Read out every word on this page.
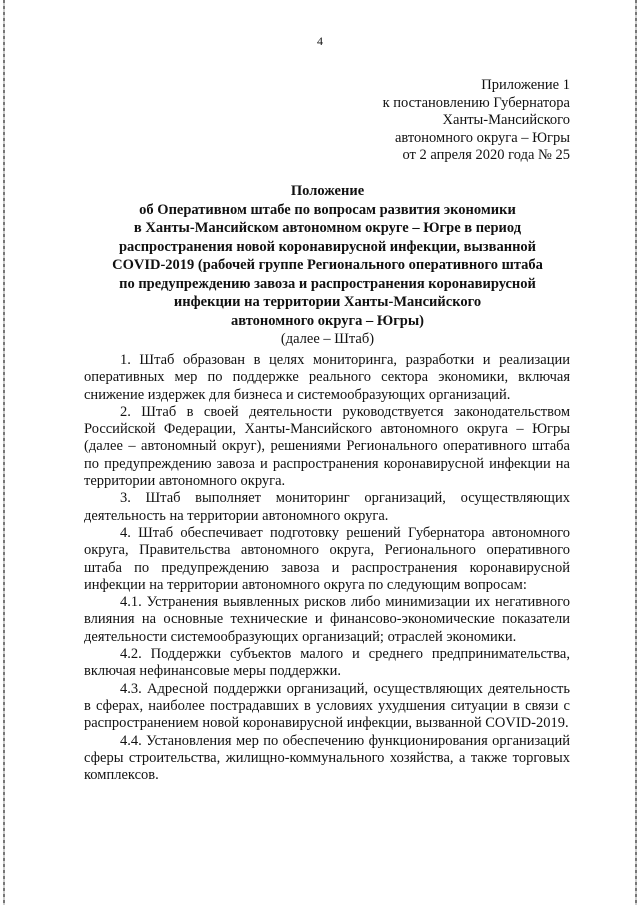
4
Приложение 1
к постановлению Губернатора
Ханты-Мансийского
автономного округа – Югры
от 2 апреля 2020 года № 25
Положение
об Оперативном штабе по вопросам развития экономики
в Ханты-Мансийском автономном округе – Югре в период
распространения новой коронавирусной инфекции, вызванной
COVID-2019 (рабочей группе Регионального оперативного штаба
по предупреждению завоза и распространения коронавирусной
инфекции на территории Ханты-Мансийского
автономного округа – Югры)
(далее – Штаб)

1. Штаб образован в целях мониторинга, разработки и реализации оперативных мер по поддержке реального сектора экономики, включая снижение издержек для бизнеса и системообразующих организаций.

2. Штаб в своей деятельности руководствуется законодательством Российской Федерации, Ханты-Мансийского автономного округа – Югры (далее – автономный округ), решениями Регионального оперативного штаба по предупреждению завоза и распространения коронавирусной инфекции на территории автономного округа.

3. Штаб выполняет мониторинг организаций, осуществляющих деятельность на территории автономного округа.

4. Штаб обеспечивает подготовку решений Губернатора автономного округа, Правительства автономного округа, Регионального оперативного штаба по предупреждению завоза и распространения коронавирусной инфекции на территории автономного округа по следующим вопросам:

4.1. Устранения выявленных рисков либо минимизации их негативного влияния на основные технические и финансово-экономические показатели деятельности системообразующих организаций; отраслей экономики.

4.2. Поддержки субъектов малого и среднего предпринимательства, включая нефинансовые меры поддержки.

4.3. Адресной поддержки организаций, осуществляющих деятельность в сферах, наиболее пострадавших в условиях ухудшения ситуации в связи с распространением новой коронавирусной инфекции, вызванной COVID-2019.

4.4. Установления мер по обеспечению функционирования организаций сферы строительства, жилищно-коммунального хозяйства, а также торговых комплексов.
